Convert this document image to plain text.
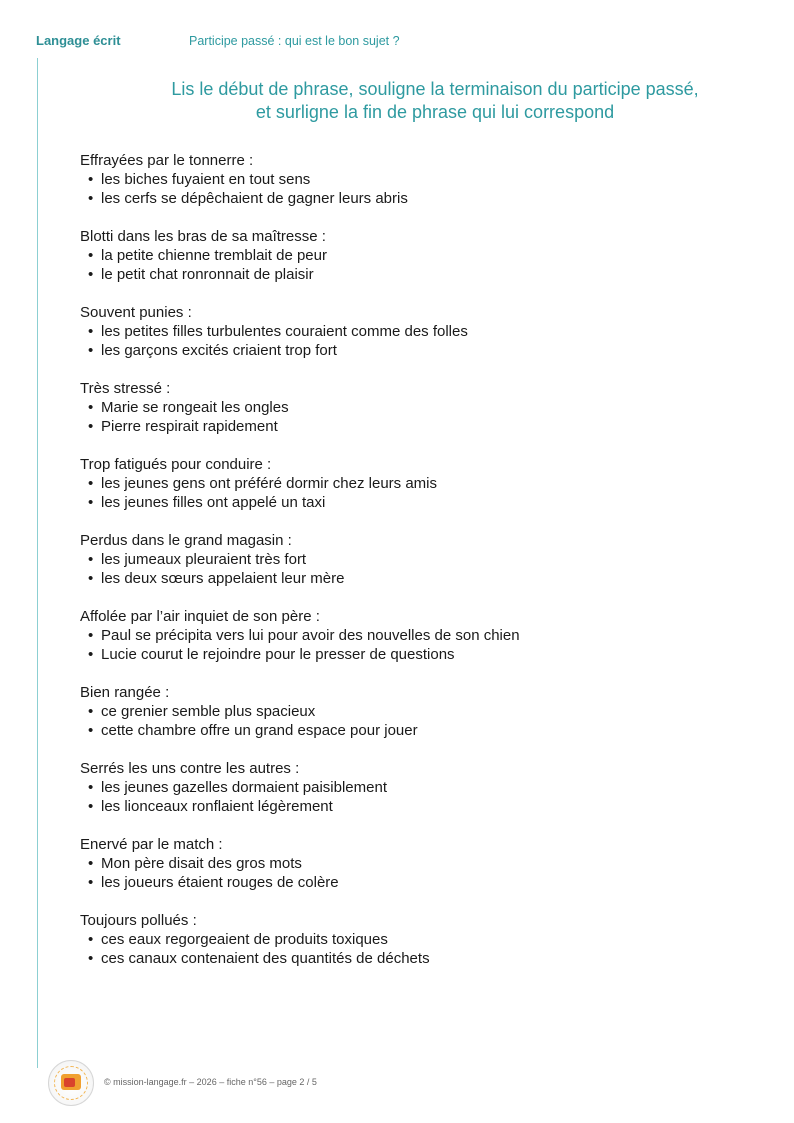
Langage écrit	Participe passé : qui est le bon sujet ?
Lis le début de phrase, souligne la terminaison du participe passé,
et surligne la fin de phrase qui lui correspond
Effrayées par le tonnerre :
• les biches fuyaient en tout sens
• les cerfs se dépêchaient de gagner leurs abris
Blotti dans les bras de sa maîtresse :
• la petite chienne tremblait de peur
• le petit chat ronronnait de plaisir
Souvent punies :
• les petites filles turbulentes couraient comme des folles
• les garçons excités criaient trop fort
Très stressé :
• Marie se rongeait les ongles
• Pierre respirait rapidement
Trop fatigués pour conduire :
• les jeunes gens ont préféré dormir chez leurs amis
• les jeunes filles ont appelé un taxi
Perdus dans le grand magasin :
• les jumeaux pleuraient très fort
• les deux sœurs appelaient leur mère
Affolée par l’air inquiet de son père :
• Paul se précipita vers lui pour avoir des nouvelles de son chien
• Lucie courut le rejoindre pour le presser de questions
Bien rangée :
• ce grenier semble plus spacieux
• cette chambre offre un grand espace pour jouer
Serrés les uns contre les autres :
• les jeunes gazelles dormaient paisiblement
• les lionceaux ronflaient légèrement
Enervé par le match :
• Mon père disait des gros mots
• les joueurs étaient rouges de colère
Toujours pollués :
• ces eaux regorgeaient de produits toxiques
• ces canaux contenaient des quantités de déchets
© mission-langage.fr – 2026 – fiche n°56 – page 2 / 5
